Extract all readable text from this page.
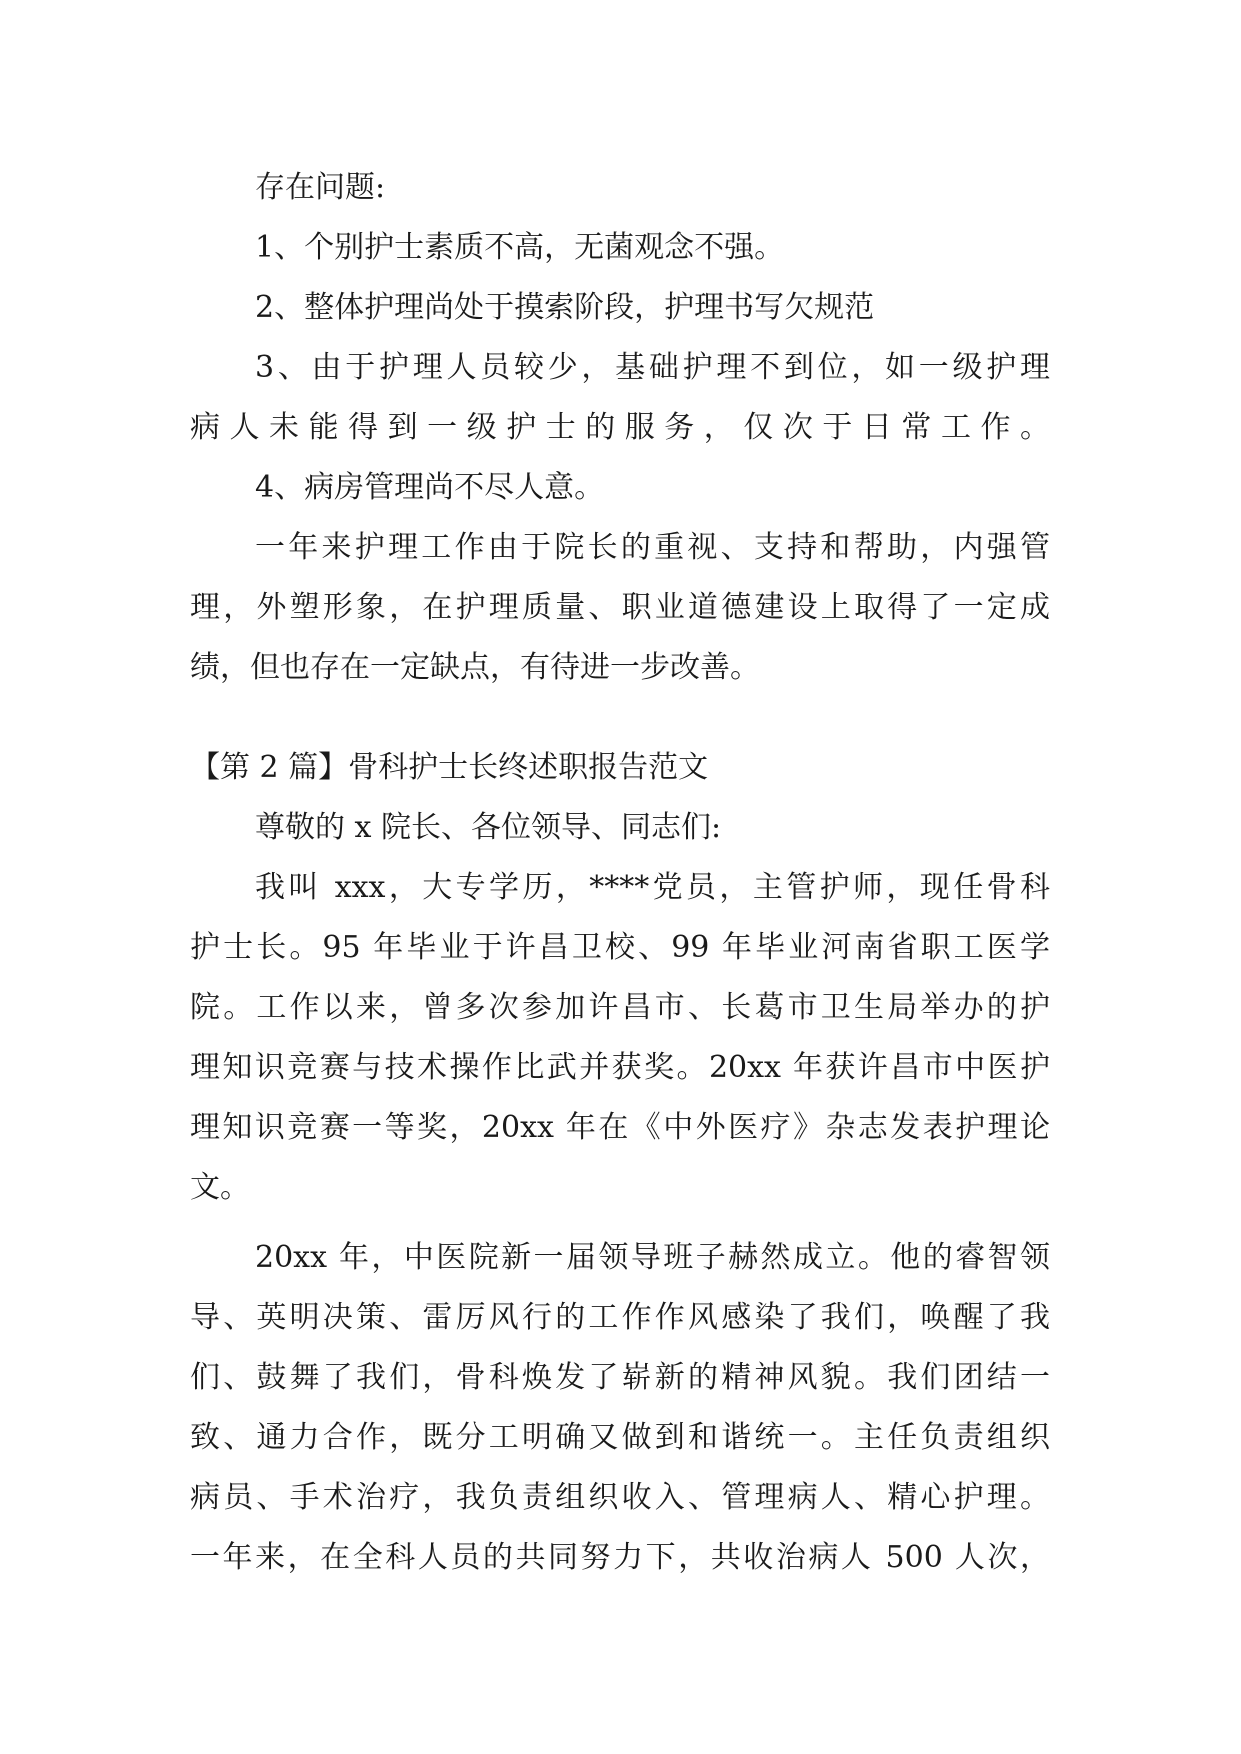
存在问题:
1、个别护士素质不高，无菌观念不强。
2、整体护理尚处于摸索阶段，护理书写欠规范
3、由于护理人员较少，基础护理不到位，如一级护理
病人未能得到一级护士的服务，仅次于日常工作。
4、病房管理尚不尽人意。
一年来护理工作由于院长的重视、支持和帮助，内强管
理，外塑形象，在护理质量、职业道德建设上取得了一定成
绩，但也存在一定缺点，有待进一步改善。
【第 2 篇】骨科护士长终述职报告范文
尊敬的 x 院长、各位领导、同志们:
我叫 xxx，大专学历，****党员，主管护师，现任骨科
护士长。95 年毕业于许昌卫校、99 年毕业河南省职工医学
院。工作以来，曾多次参加许昌市、长葛市卫生局举办的护
理知识竞赛与技术操作比武并获奖。20xx 年获许昌市中医护
理知识竞赛一等奖，20xx 年在《中外医疗》杂志发表护理论
文。
20xx 年，中医院新一届领导班子赫然成立。他的睿智领
导、英明决策、雷厉风行的工作作风感染了我们，唤醒了我
们、鼓舞了我们，骨科焕发了崭新的精神风貌。我们团结一
致、通力合作，既分工明确又做到和谐统一。主任负责组织
病员、手术治疗，我负责组织收入、管理病人、精心护理。
一年来，在全科人员的共同努力下，共收治病人 500 人次，
